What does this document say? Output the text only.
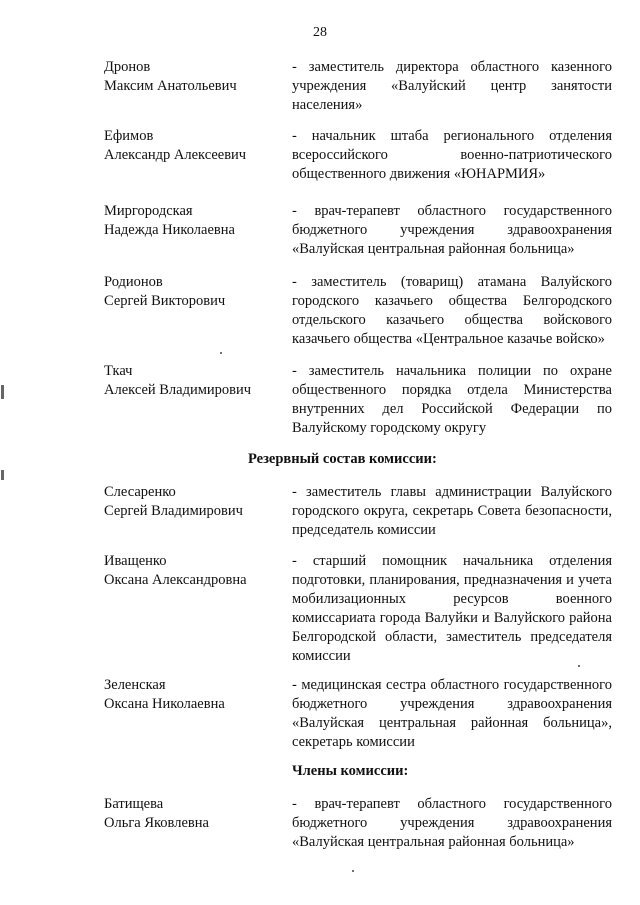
28
Дронов
Максим Анатольевич
- заместитель директора областного казенного учреждения «Валуйский центр занятости населения»
Ефимов
Александр Алексеевич
- начальник штаба регионального отделения всероссийского военно-патриотического общественного движения «ЮНАРМИЯ»
Миргородская
Надежда Николаевна
- врач-терапевт областного государственного бюджетного учреждения здравоохранения «Валуйская центральная районная больница»
Родионов
Сергей Викторович
- заместитель (товарищ) атамана Валуйского городского казачьего общества Белгородского отдельского казачьего общества войскового казачьего общества «Центральное казачье войско»
Ткач
Алексей Владимирович
- заместитель начальника полиции по охране общественного порядка отдела Министерства внутренних дел Российской Федерации по Валуйскому городскому округу
Резервный состав комиссии:
Слесаренко
Сергей Владимирович
- заместитель главы администрации Валуйского городского округа, секретарь Совета безопасности, председатель комиссии
Иващенко
Оксана Александровна
- старший помощник начальника отделения подготовки, планирования, предназначения и учета мобилизационных ресурсов военного комиссариата города Валуйки и Валуйского района Белгородской области, заместитель председателя комиссии
Зеленская
Оксана Николаевна
- медицинская сестра областного государственного бюджетного учреждения здравоохранения «Валуйская центральная районная больница», секретарь комиссии
Члены комиссии:
Батищева
Ольга Яковлевна
- врач-терапевт областного государственного бюджетного учреждения здравоохранения «Валуйская центральная районная больница»
